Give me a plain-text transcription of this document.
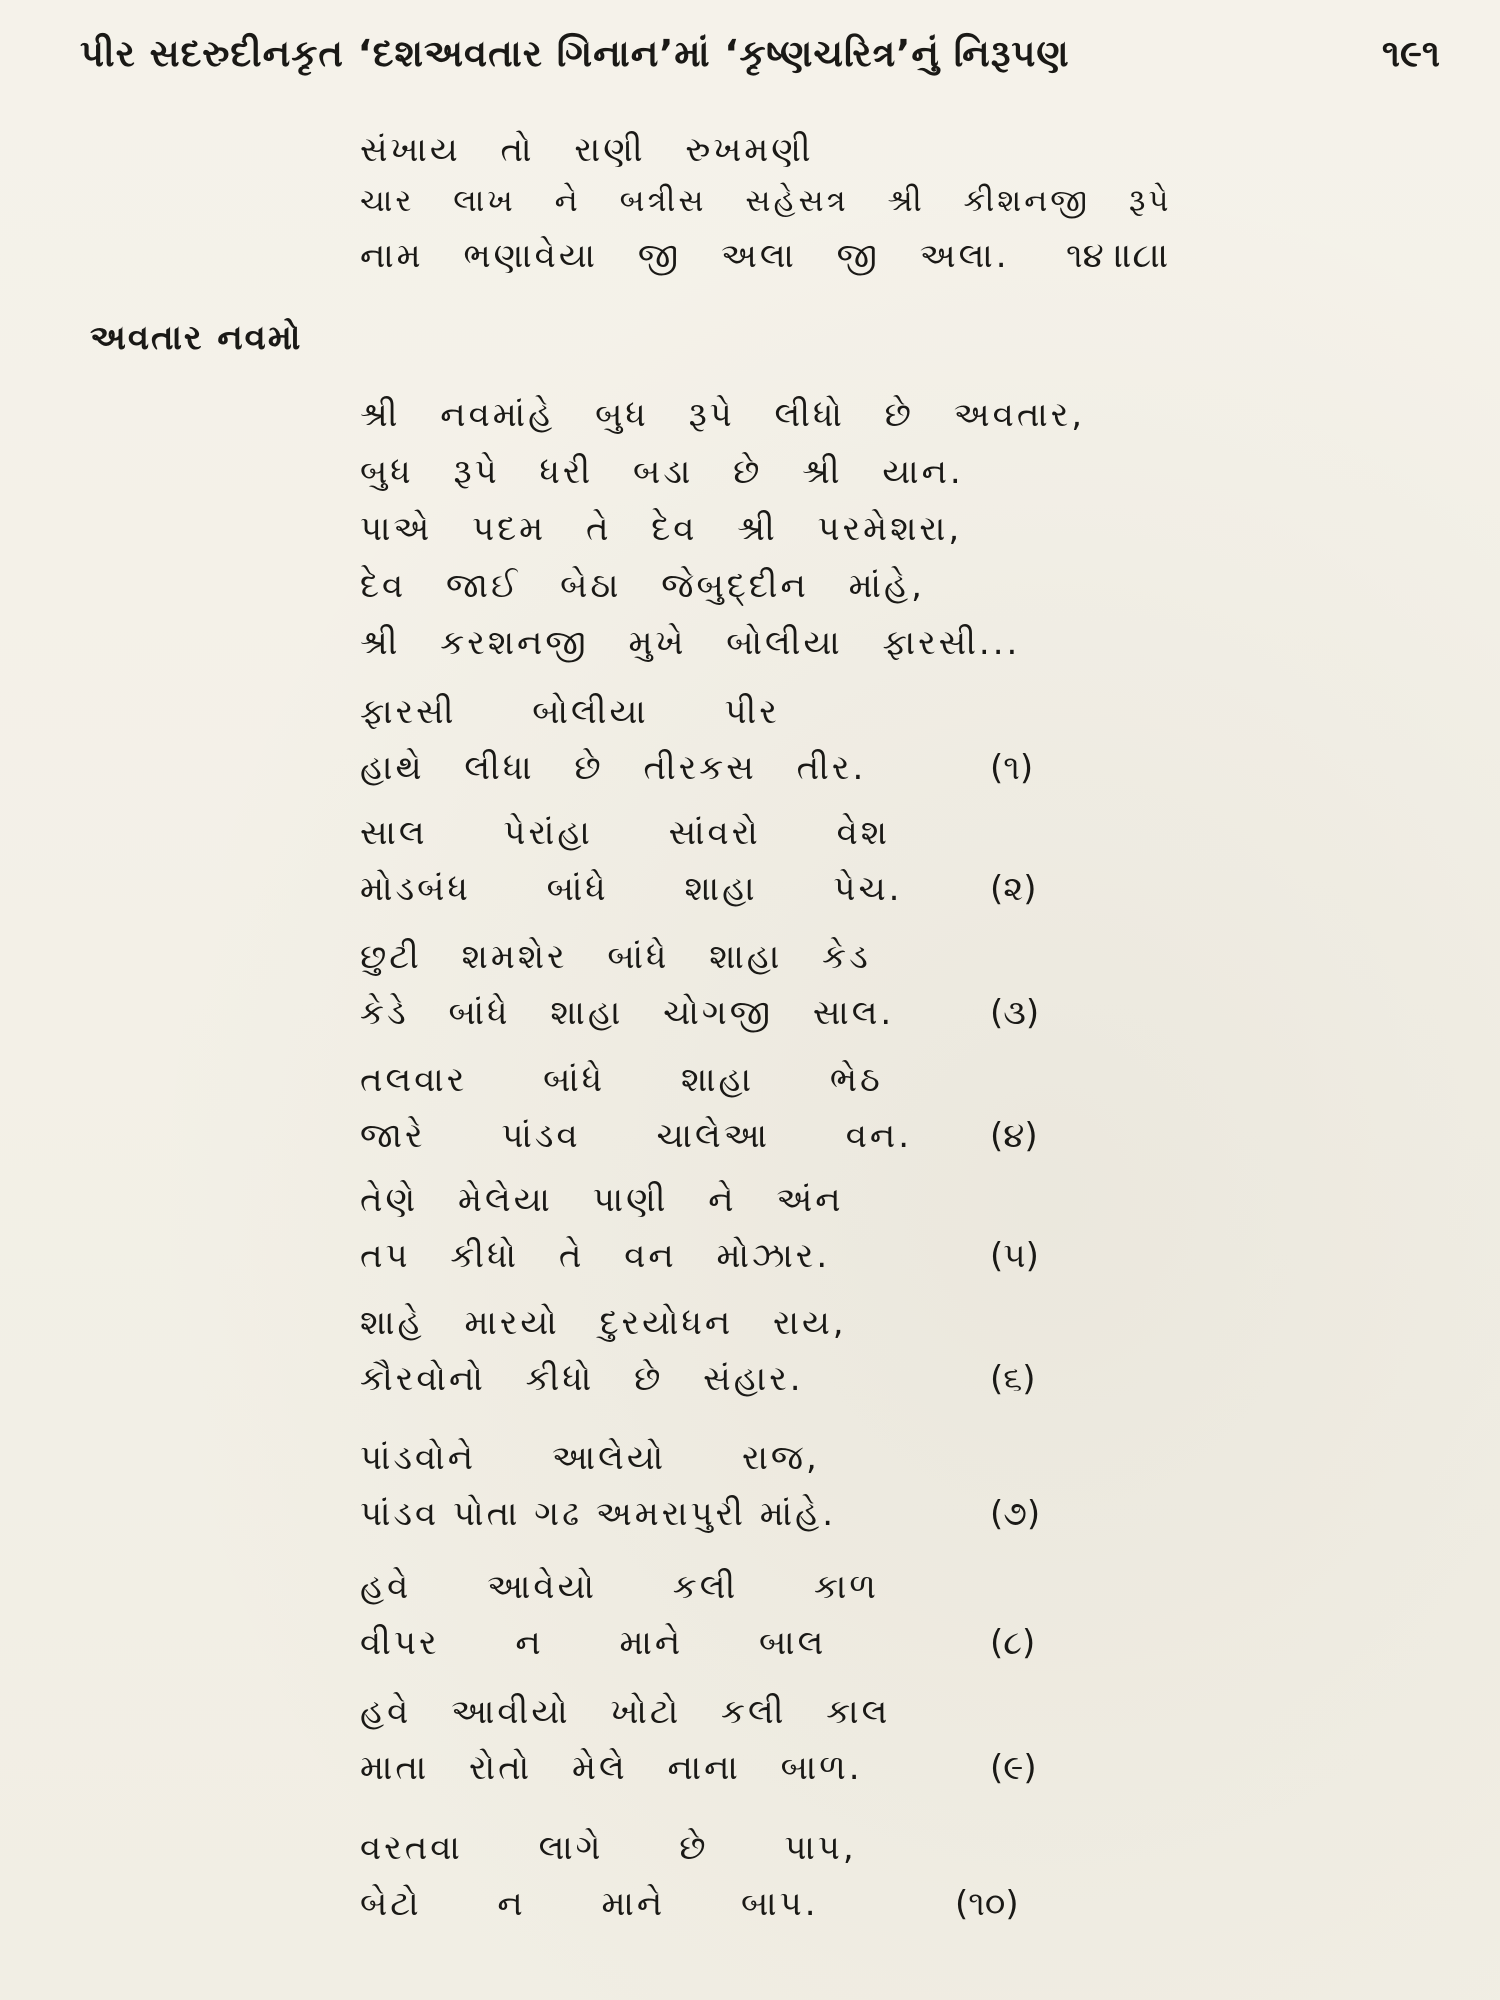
પીર સદરુદીનકૃત ‘દશઅવતાર ગિનાન’માં ‘કૃષ્ણચરિત્ર’નું નિરૂપણ	૧૯૧
સંખાય તો રાણી રુખમણી
ચાર લાખ ને બત્રીસ સહેસત્ર શ્રી કીશનજી રૂપે
નામ ભણાવેયા જી અલા જી અલા. ૧૪ ॥૮॥
અવતાર નવમો
શ્રી નવમાંહે બુધ રૂપે લીધો છે અવતાર,
બુધ રૂપે ધરી બડા છે શ્રી યાન.
પાએ પદમ તે દેવ શ્રી પરમેશરા,
દેવ જાઈ બેઠા જેબુદ્દીન માંહે,
શ્રી કરશનજી મુખે બોલીયા ફારસી...
ફારસી બોલીયા પીર
હાથે લીધા છે તીરકસ તીર.	(૧)
સાલ પેરાંહા સાંવરો વેશ
મોડબંધ બાંધે શાહા પેચ.	(૨)
છુટી શમશેર બાંધે શાહા કેડ
કેડે બાંધે શાહા ચોગજી સાલ.	(૩)
તલવાર બાંધે શાહા ભેઠ
જારે પાંડવ ચાલેઆ વન. (૪)
તેણે મેલેયા પાણી ને અંન
તપ કીધો તે વન મોઝાર.	(૫)
શાહે મારયો દુરયોધન રાય,
કૌરવોનો કીધો છે સંહાર.	(૬)
પાંડવોને આલેયો રાજ,
પાંડવ પોતા ગઢ અમરાપુરી માંહે.	(૭)
હવે આવેયો કલી કાળ
વીપર ન માને બાલ	(૮)
હવે આવીયો ખોટો કલી કાલ
માતા રોતો મેલે નાના બાળ.	(૯)
વરતવા લાગે છે પાપ,
બેટો ન માને બાપ.	(૧૦)
